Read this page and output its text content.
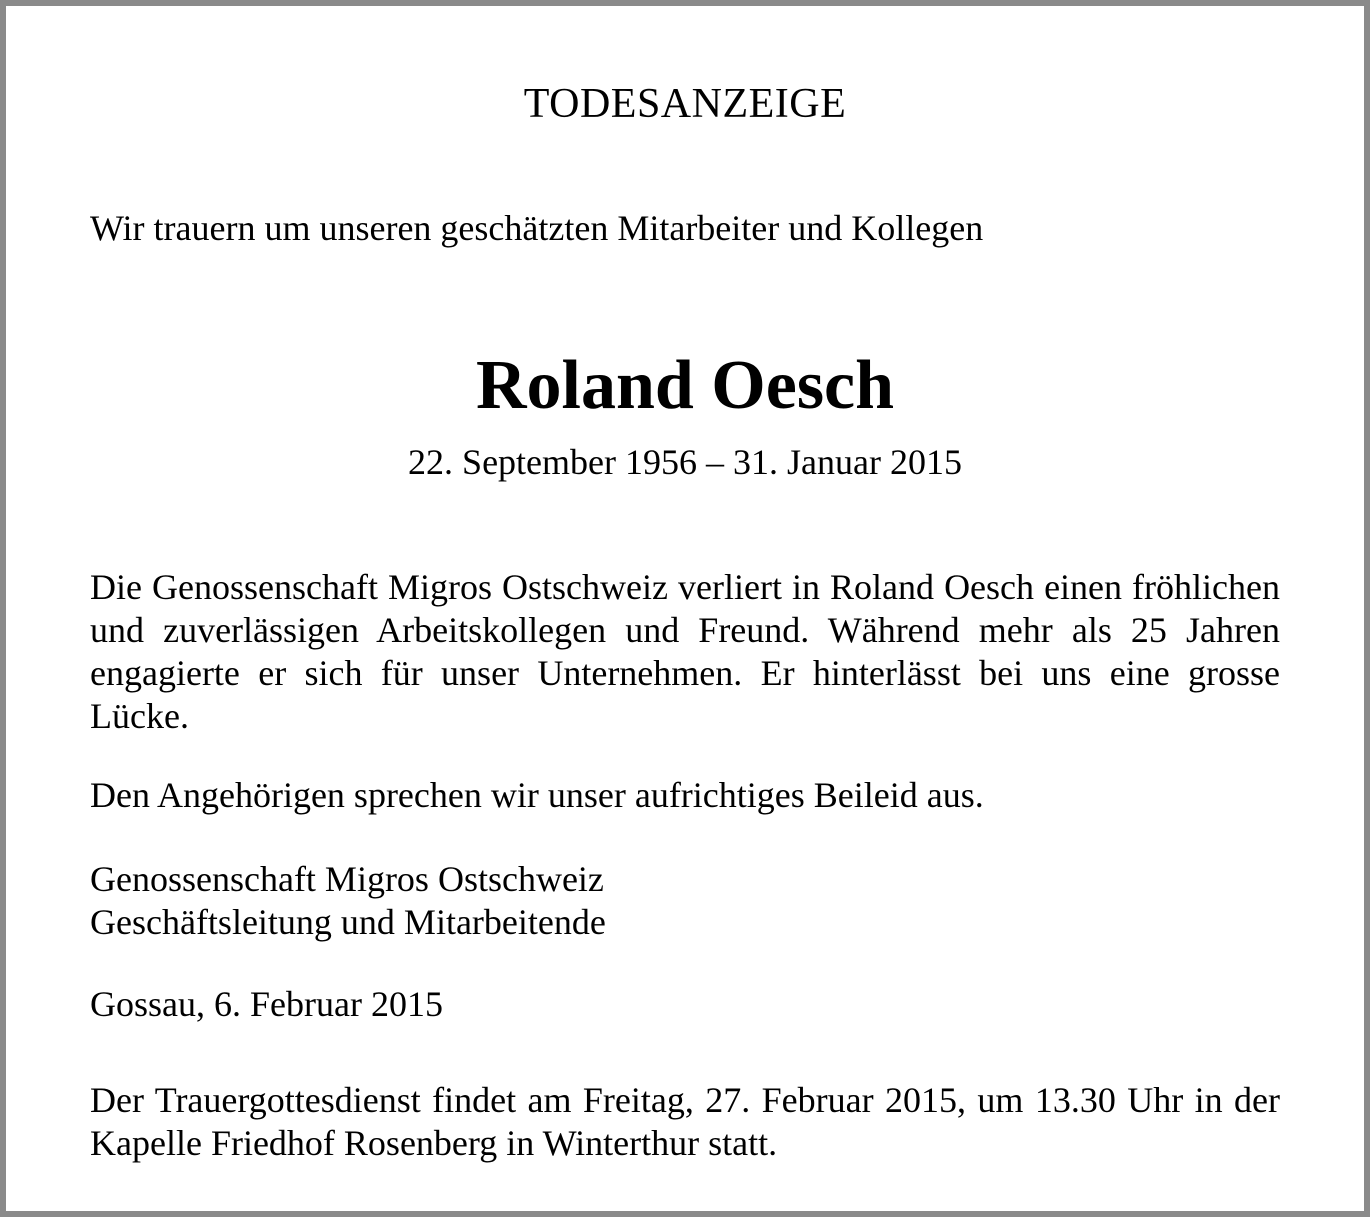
TODESANZEIGE
Wir trauern um unseren geschätzten Mitarbeiter und Kollegen
Roland Oesch
22. September 1956 – 31. Januar 2015
Die Genossenschaft Migros Ostschweiz verliert in Roland Oesch einen fröhlichen und zuverlässigen Arbeitskollegen und Freund. Während mehr als 25 Jahren engagierte er sich für unser Unternehmen. Er hinterlässt bei uns eine grosse Lücke.
Den Angehörigen sprechen wir unser aufrichtiges Beileid aus.
Genossenschaft Migros Ostschweiz
Geschäftsleitung und Mitarbeitende
Gossau, 6. Februar 2015
Der Trauergottesdienst findet am Freitag, 27. Februar 2015, um 13.30 Uhr in der Kapelle Friedhof Rosenberg in Winterthur statt.
